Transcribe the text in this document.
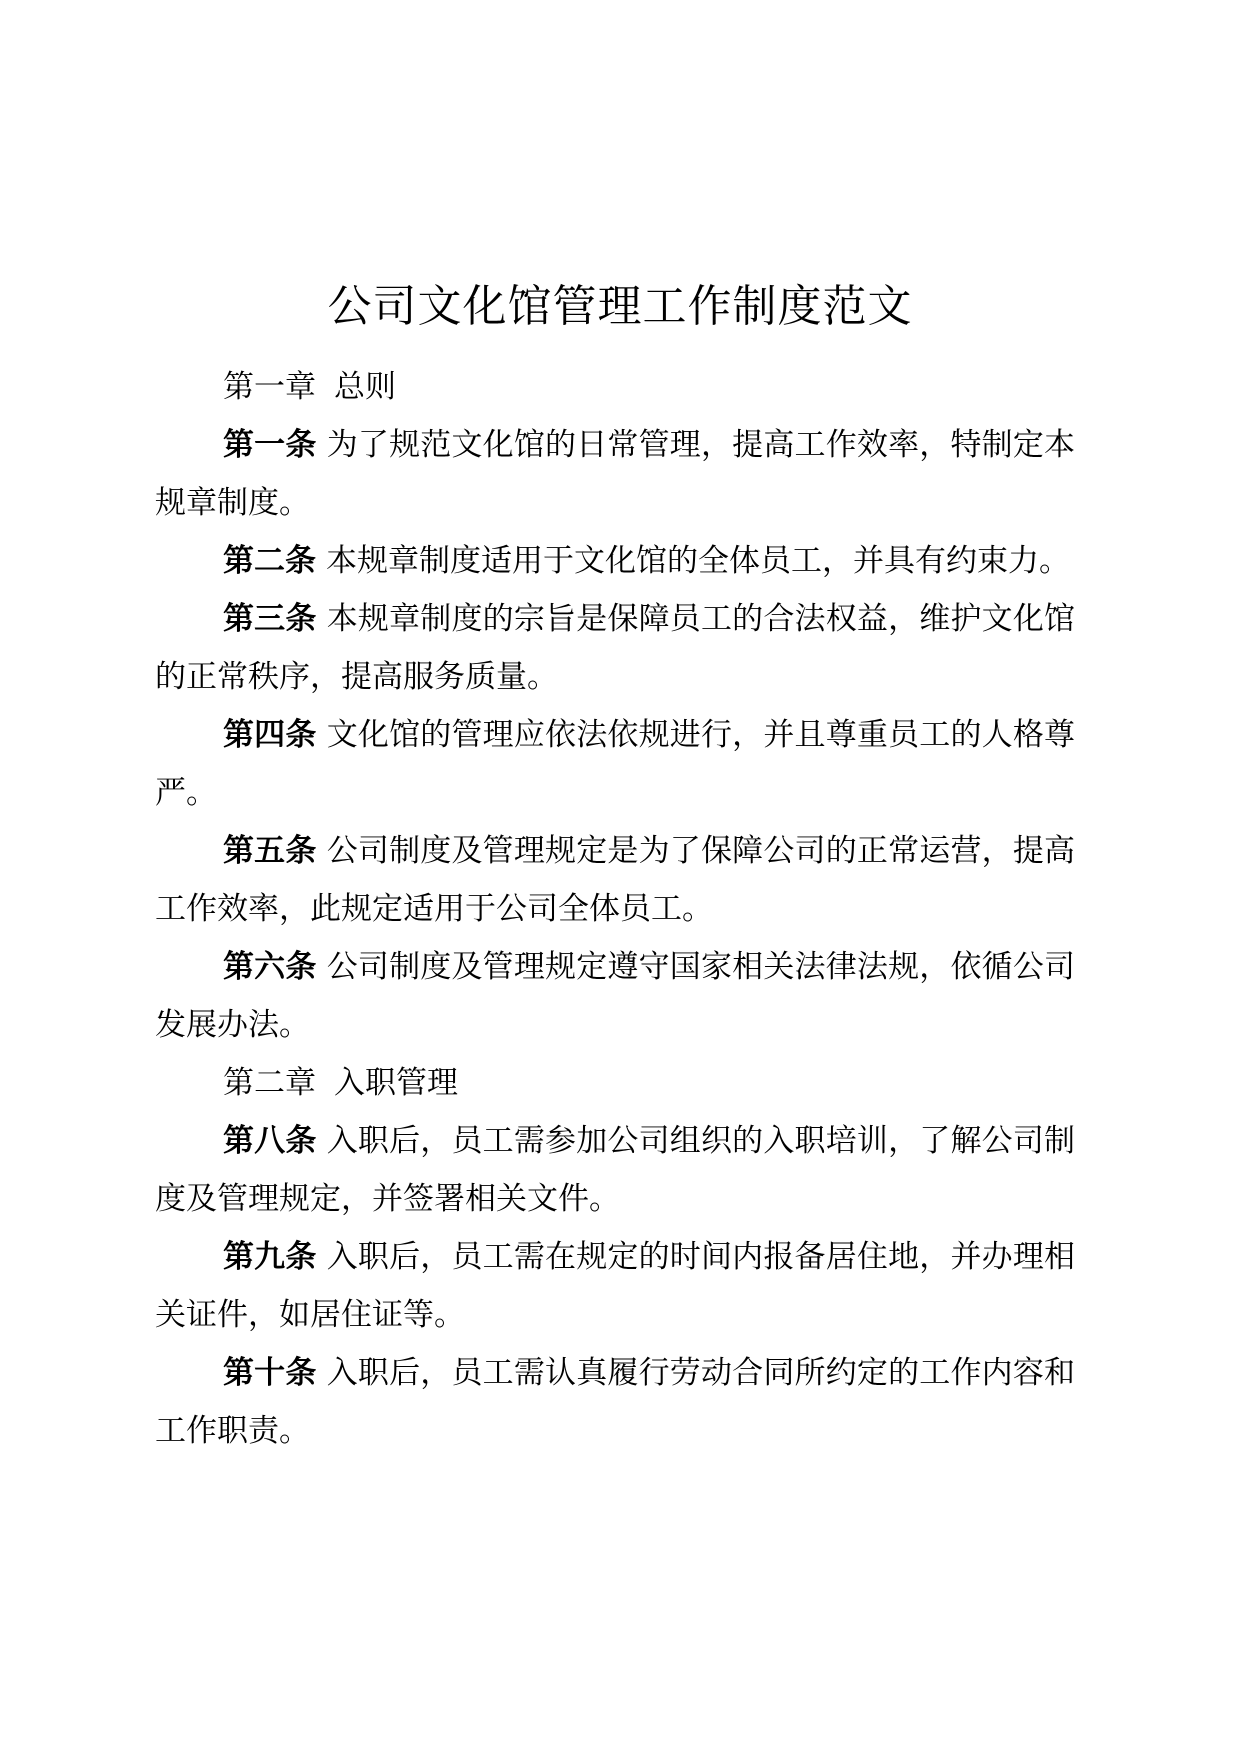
公司文化馆管理工作制度范文

第一章 总则

第一条 为了规范文化馆的日常管理，提高工作效率，特制定本规章制度。

第二条 本规章制度适用于文化馆的全体员工，并具有约束力。

第三条 本规章制度的宗旨是保障员工的合法权益，维护文化馆的正常秩序，提高服务质量。

第四条 文化馆的管理应依法依规进行，并且尊重员工的人格尊严。

第五条 公司制度及管理规定是为了保障公司的正常运营，提高工作效率，此规定适用于公司全体员工。

第六条 公司制度及管理规定遵守国家相关法律法规，依循公司发展办法。

第二章 入职管理

第八条 入职后，员工需参加公司组织的入职培训，了解公司制度及管理规定，并签署相关文件。

第九条 入职后，员工需在规定的时间内报备居住地，并办理相关证件，如居住证等。

第十条 入职后，员工需认真履行劳动合同所约定的工作内容和工作职责。
